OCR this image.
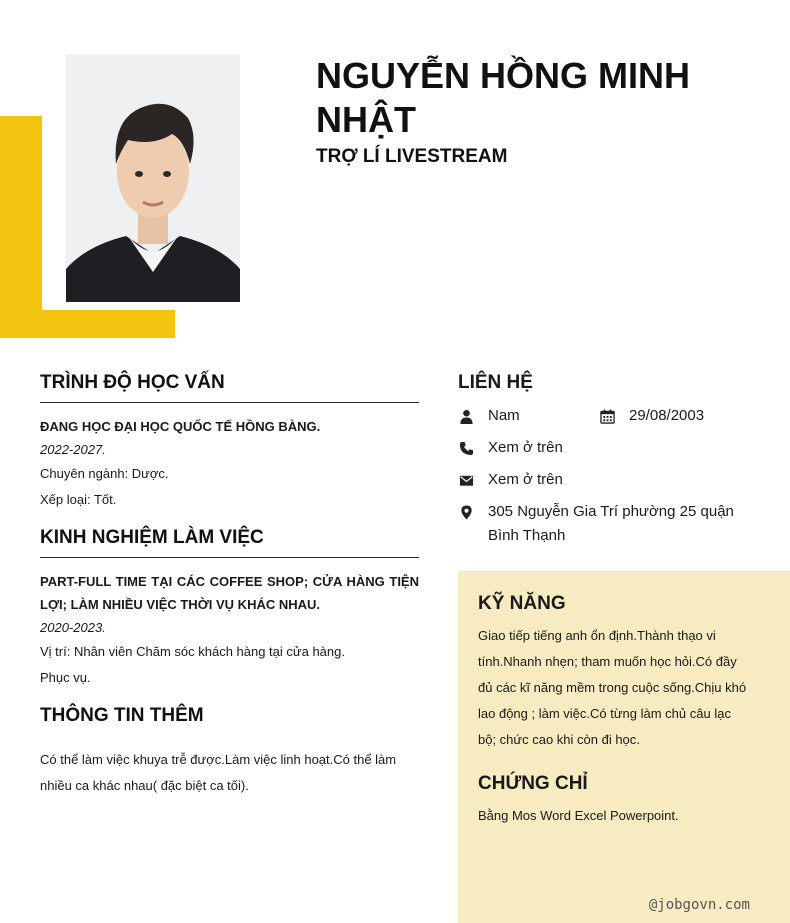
NGUYỄN HỒNG MINH NHẬT
TRỢ LÍ LIVESTREAM
TRÌNH ĐỘ HỌC VẤN
ĐANG HỌC ĐẠI HỌC QUỐC TẾ HỒNG BÀNG.
2022-2027.
Chuyên ngành: Dược.
Xếp loại: Tốt.
KINH NGHIỆM LÀM VIỆC
PART-FULL TIME TẠI CÁC COFFEE SHOP; CỬA HÀNG TIỆN LỢI; LÀM NHIỀU VIỆC THỜI VỤ KHÁC NHAU.
2020-2023.
Vị trí: Nhân viên Chăm sóc khách hàng tại cửa hàng.
Phục vụ.
THÔNG TIN THÊM
Có thể làm việc khuya trễ được.Làm việc linh hoạt.Có thể làm nhiều ca khác nhau( đặc biệt ca tối).
LIÊN HỆ
Nam	29/08/2003
Xem ở trên
Xem ở trên
305 Nguyễn Gia Trí phường 25 quận Bình Thạnh
KỸ NĂNG
Giao tiếp tiếng anh ổn định.Thành thạo vi tính.Nhanh nhẹn; tham muốn học hỏi.Có đầy đủ các kĩ năng mềm trong cuộc sống.Chịu khó lao động ; làm việc.Có từng làm chủ câu lạc bộ; chức cao khi còn đi học.
CHỨNG CHỈ
Bằng Mos Word Excel Powerpoint.
@jobgovn.com
